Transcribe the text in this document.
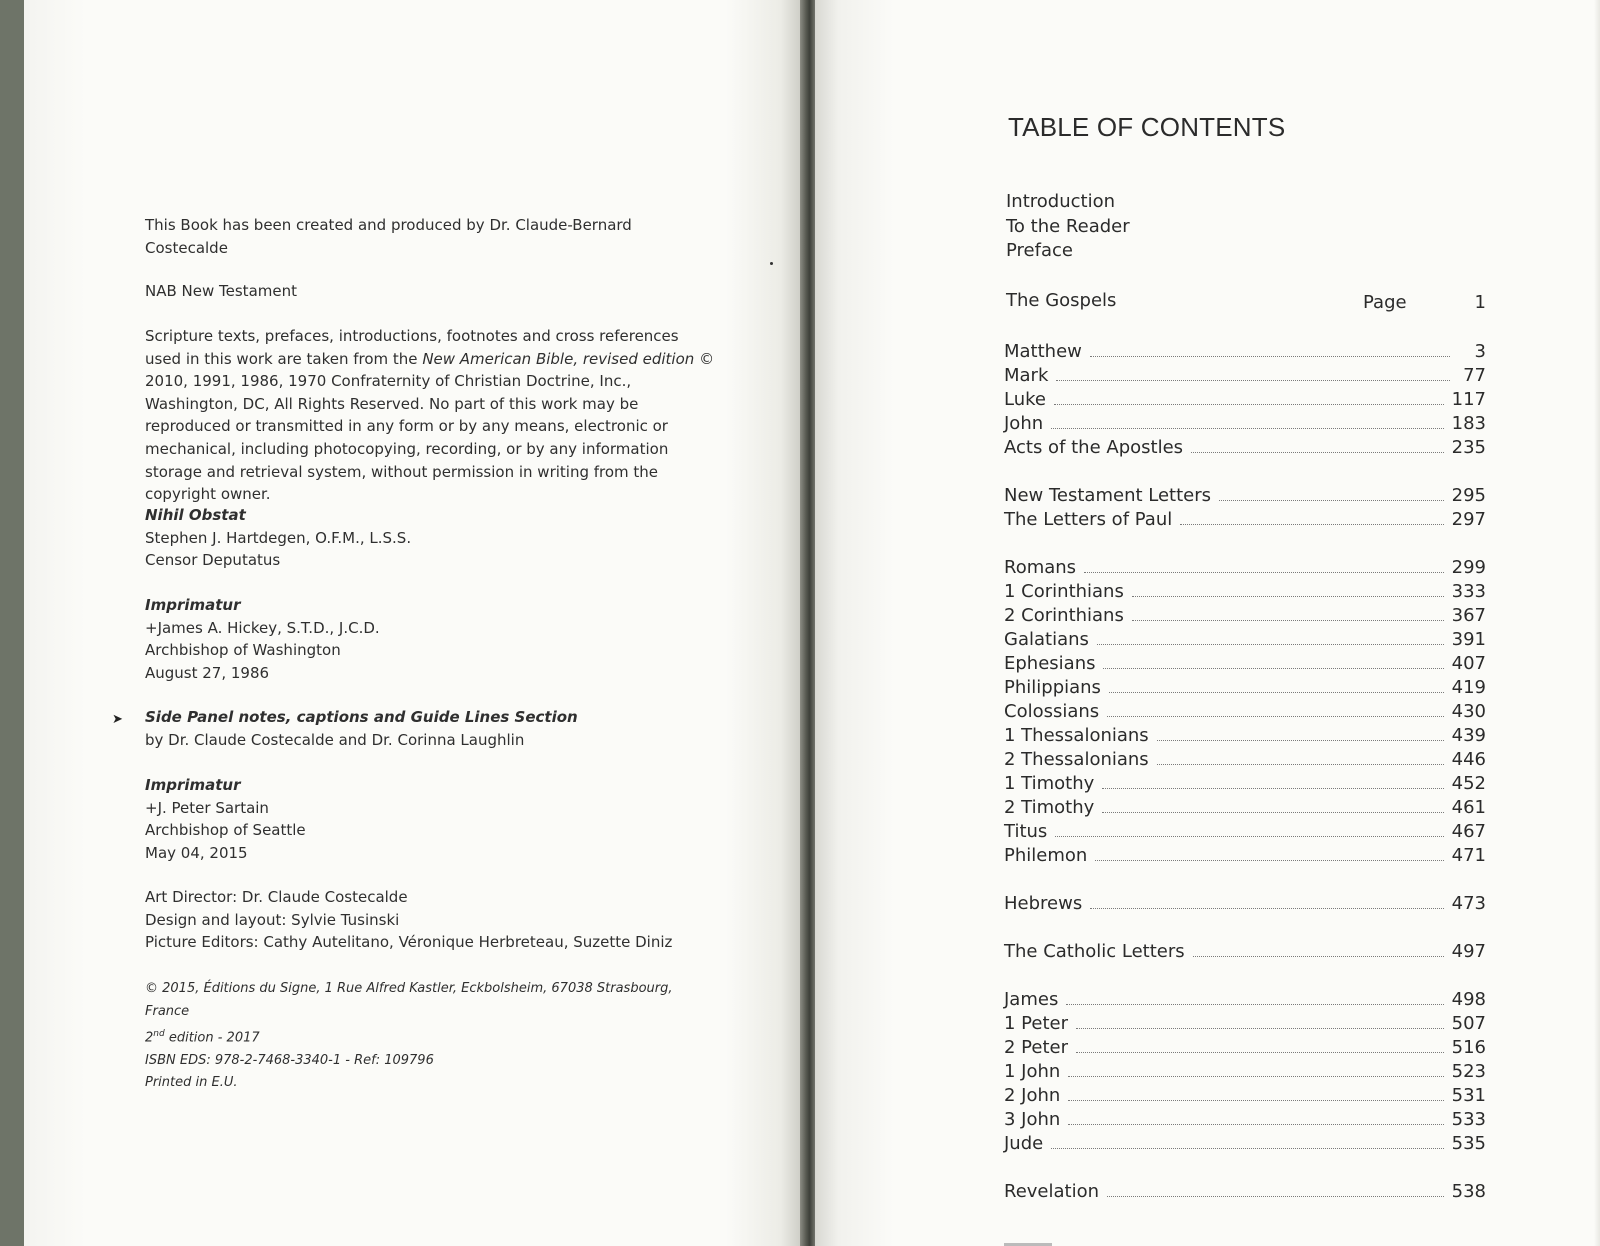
This Book has been created and produced by Dr. Claude-Bernard Costecalde
NAB New Testament
Scripture texts, prefaces, introductions, footnotes and cross references used in this work are taken from the New American Bible, revised edition © 2010, 1991, 1986, 1970 Confraternity of Christian Doctrine, Inc., Washington, DC, All Rights Reserved. No part of this work may be reproduced or transmitted in any form or by any means, electronic or mechanical, including photocopying, recording, or by any information storage and retrieval system, without permission in writing from the copyright owner.
Nihil Obstat
Stephen J. Hartdegen, O.F.M., L.S.S.
Censor Deputatus
Imprimatur
+James A. Hickey, S.T.D., J.C.D.
Archbishop of Washington
August 27, 1986
➤ Side Panel notes, captions and Guide Lines Section
by Dr. Claude Costecalde and Dr. Corinna Laughlin
Imprimatur
+J. Peter Sartain
Archbishop of Seattle
May 04, 2015
Art Director: Dr. Claude Costecalde
Design and layout: Sylvie Tusinski
Picture Editors: Cathy Autelitano, Véronique Herbreteau, Suzette Diniz
© 2015, Éditions du Signe, 1 Rue Alfred Kastler, Eckbolsheim, 67038 Strasbourg, France
2nd edition - 2017
ISBN EDS: 978-2-7468-3340-1 - Ref: 109796
Printed in E.U.
TABLE OF CONTENTS
Introduction
To the Reader
Preface
The Gospels	Page	1
Matthew	3
Mark	77
Luke	117
John	183
Acts of the Apostles	235
New Testament Letters	295
The Letters of Paul	297
Romans	299
1 Corinthians	333
2 Corinthians	367
Galatians	391
Ephesians	407
Philippians	419
Colossians	430
1 Thessalonians	439
2 Thessalonians	446
1 Timothy	452
2 Timothy	461
Titus	467
Philemon	471
Hebrews	473
The Catholic Letters	497
James	498
1 Peter	507
2 Peter	516
1 John	523
2 John	531
3 John	533
Jude	535
Revelation	538
